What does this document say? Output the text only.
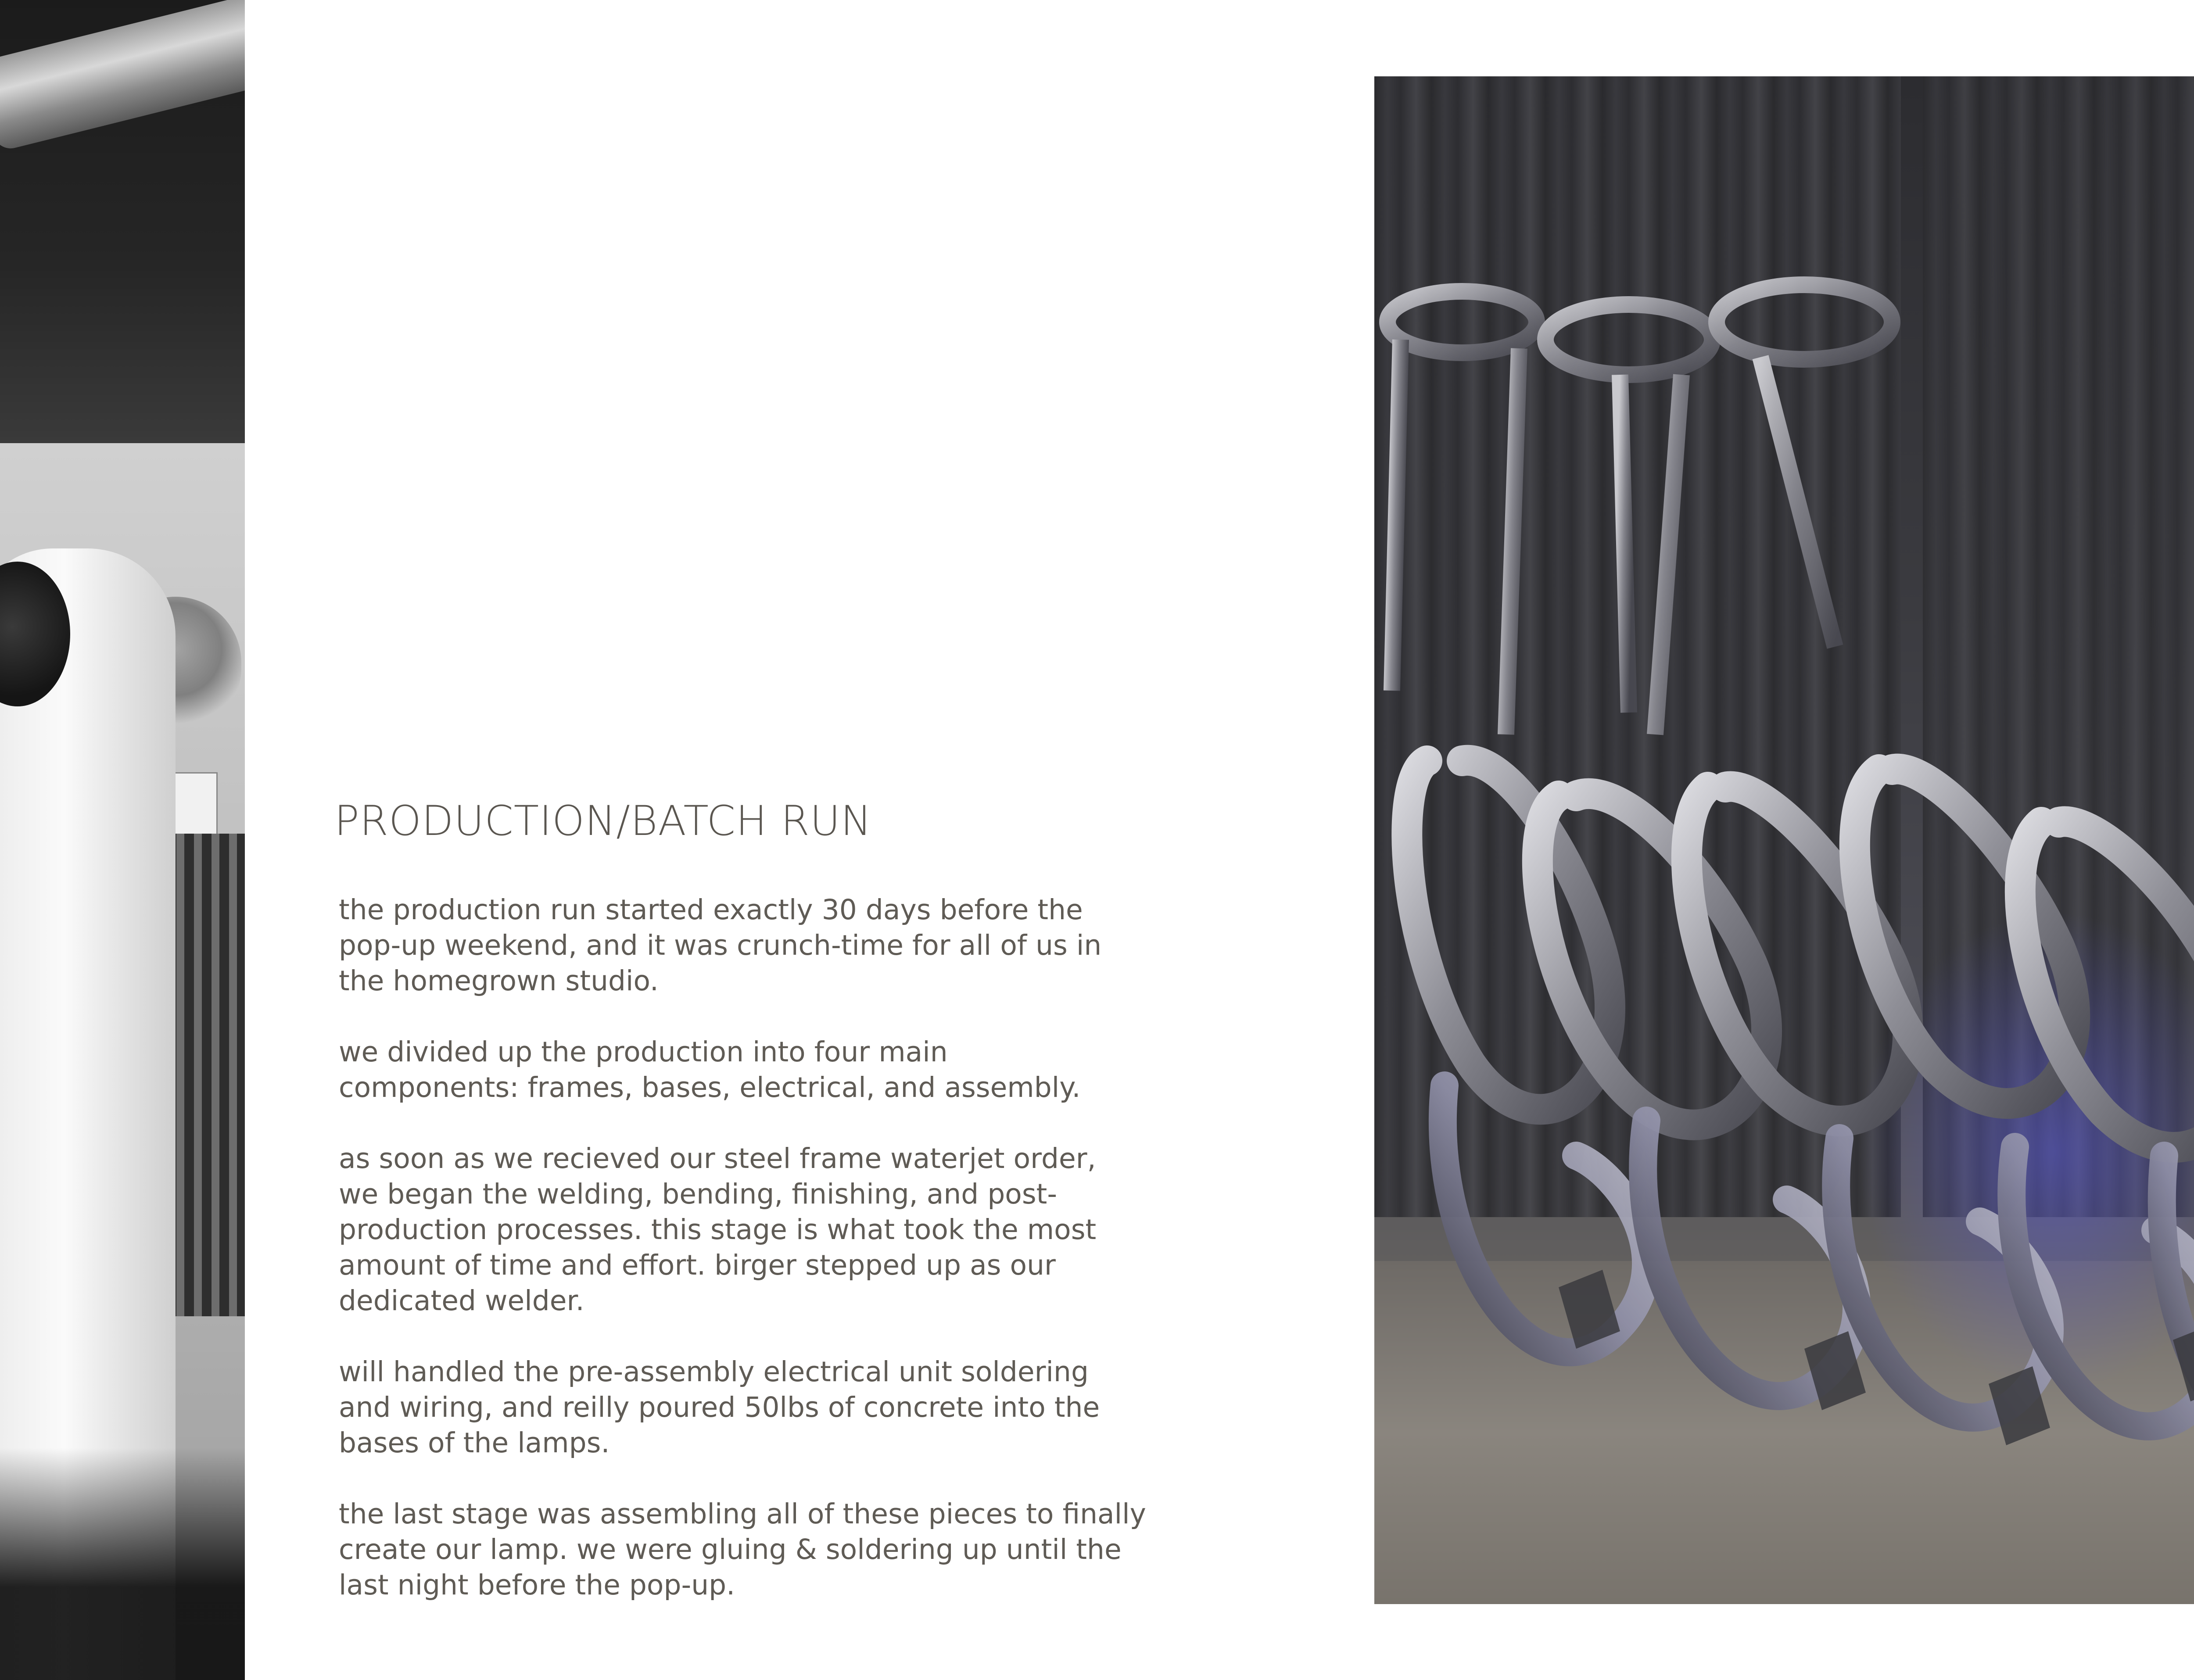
PRODUCTION/BATCH RUN

the production run started exactly 30 days before the
pop-up weekend, and it was crunch-time for all of us in
the homegrown studio.

we divided up the production into four main
components: frames, bases, electrical, and assembly.

as soon as we recieved our steel frame waterjet order,
we began the welding, bending, finishing, and post-
production processes. this stage is what took the most
amount of time and effort. birger stepped up as our
dedicated welder.

will handled the pre-assembly electrical unit soldering
and wiring, and reilly poured 50lbs of concrete into the
bases of the lamps.

the last stage was assembling all of these pieces to finally
create our lamp. we were gluing & soldering up until the
last night before the pop-up.
